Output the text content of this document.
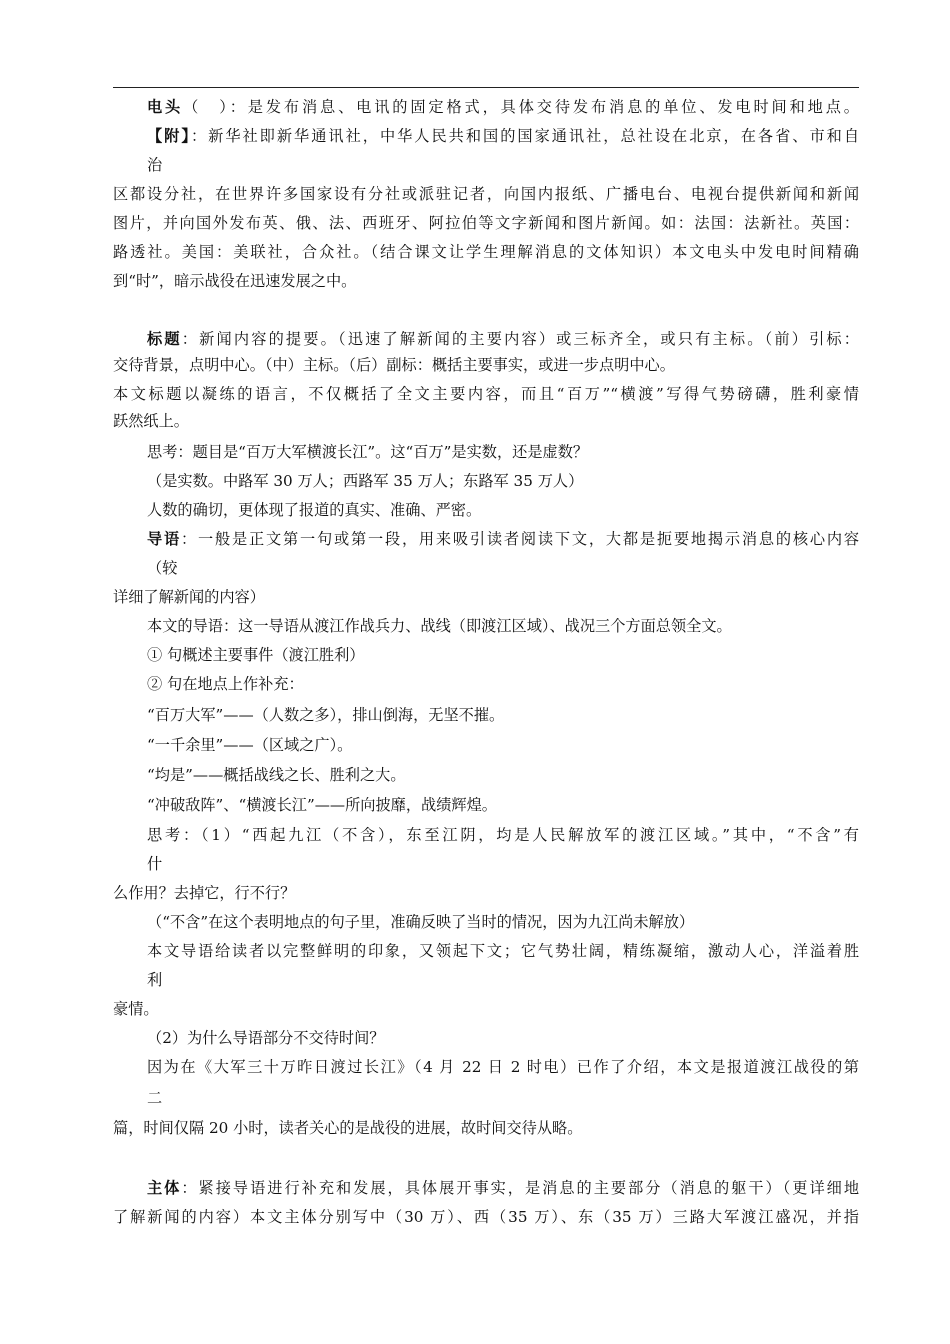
电头（　）：是发布消息、电讯的固定格式，具体交待发布消息的单位、发电时间和地点。
【附】：新华社即新华通讯社，中华人民共和国的国家通讯社，总社设在北京，在各省、市和自
治
区都设分社，在世界许多国家设有分社或派驻记者，向国内报纸、广播电台、电视台提供新闻和新闻
图片，并向国外发布英、俄、法、西班牙、阿拉伯等文字新闻和图片新闻。如：法国：法新社。英国：
路透社。美国：美联社，合众社。（结合课文让学生理解消息的文体知识）本文电头中发电时间精确
到“时”，暗示战役在迅速发展之中。
标题：新闻内容的提要。（迅速了解新闻的主要内容）或三标齐全，或只有主标。（前）引标：
交待背景，点明中心。（中）主标。（后）副标：概括主要事实，或进一步点明中心。
本文标题以凝练的语言，不仅概括了全文主要内容，而且“百万”“横渡”写得气势磅礴，胜利豪情
跃然纸上。
思考：题目是“百万大军横渡长江”。这“百万”是实数，还是虚数？
（是实数。中路军 30 万人；西路军 35 万人；东路军 35 万人）
人数的确切，更体现了报道的真实、准确、严密。
导语：一般是正文第一句或第一段，用来吸引读者阅读下文，大都是扼要地揭示消息的核心内容
（较
详细了解新闻的内容）
本文的导语：这一导语从渡江作战兵力、战线（即渡江区域）、战况三个方面总领全文。
① 句概述主要事件（渡江胜利）
② 句在地点上作补充：
“百万大军”——（人数之多），排山倒海，无坚不摧。
“一千余里”——（区域之广）。
“均是”——概括战线之长、胜利之大。
“冲破敌阵”、“横渡长江”——所向披靡，战绩辉煌。
思考：（1）“西起九江（不含），东至江阴，均是人民解放军的渡江区域。”其中，“不含”有
什
么作用？去掉它，行不行？
（“不含”在这个表明地点的句子里，准确反映了当时的情况，因为九江尚未解放）
本文导语给读者以完整鲜明的印象，又领起下文；它气势壮阔，精练凝缩，激动人心，洋溢着胜
利
豪情。
（2）为什么导语部分不交待时间？
因为在《大军三十万昨日渡过长江》（4 月 22 日 2 时电）已作了介绍，本文是报道渡江战役的第
二
篇，时间仅隔 20 小时，读者关心的是战役的进展，故时间交待从略。
主体：紧接导语进行补充和发展，具体展开事实，是消息的主要部分（消息的躯干）（更详细地
了解新闻的内容）本文主体分别写中（30 万）、西（35 万）、东（35 万）三路大军渡江盛况，并指
